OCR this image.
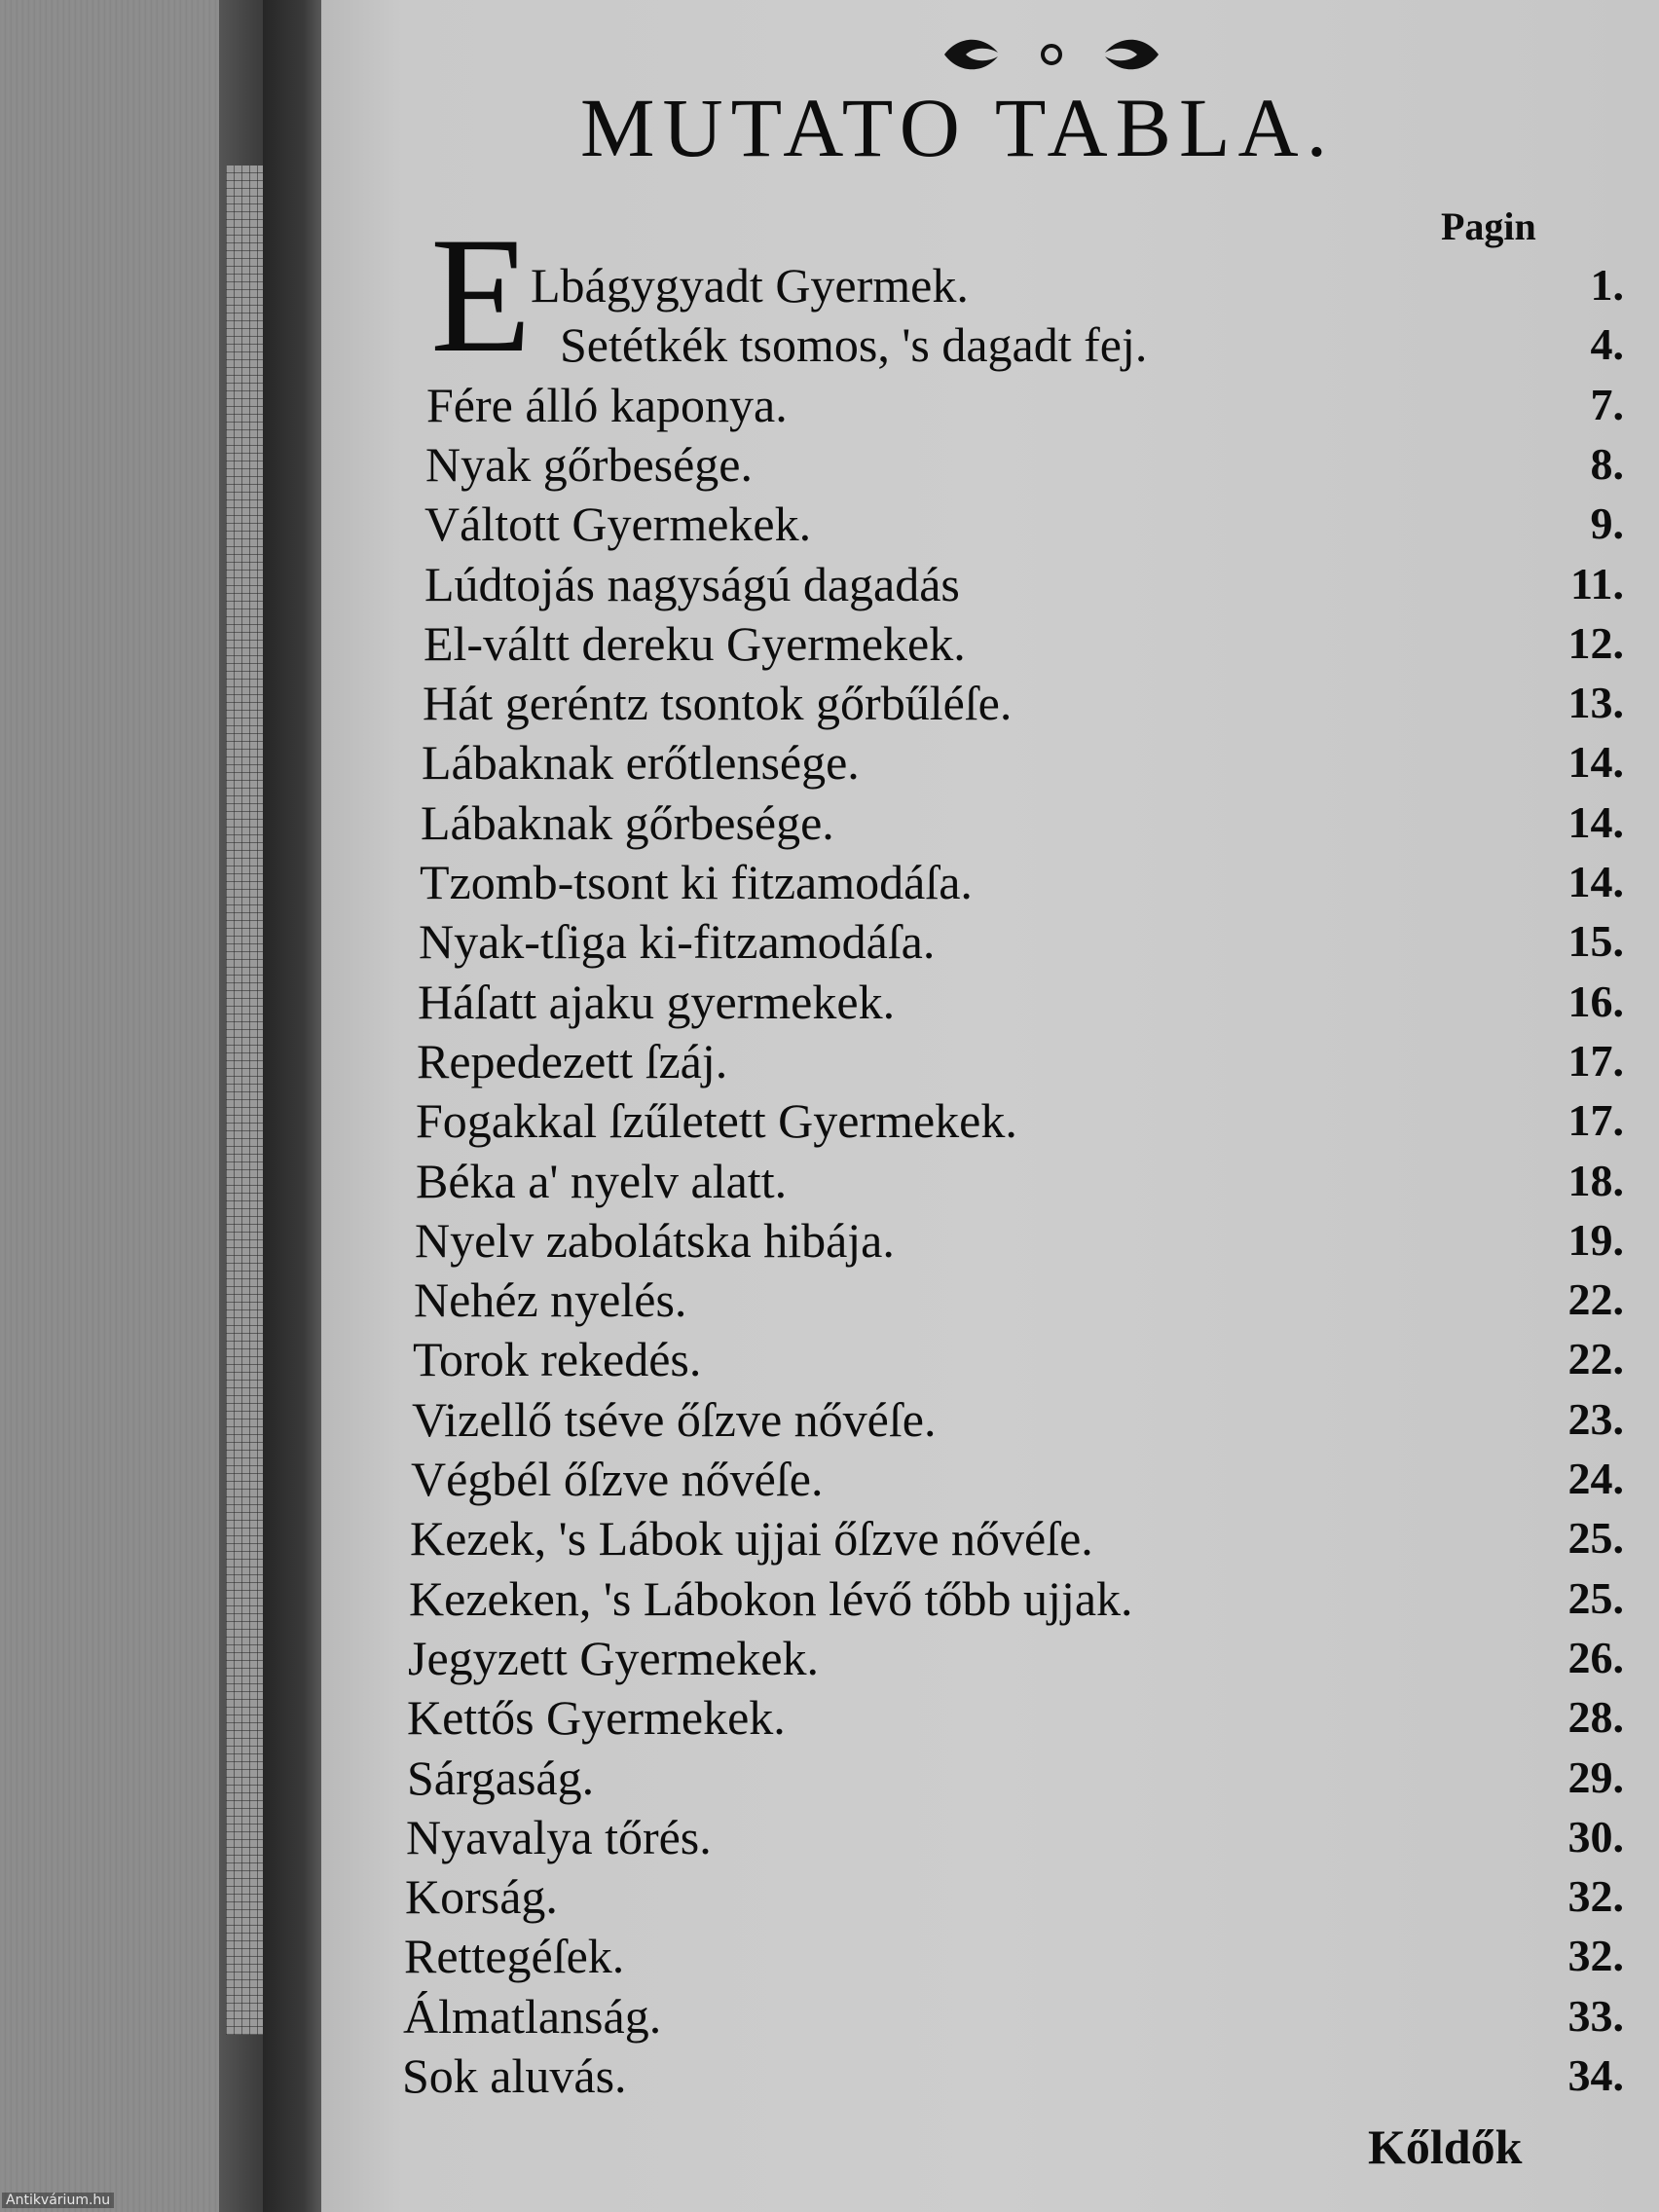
MUTATO TABLA.
Pagin
E Lbágygyadt Gyermek.	1.
Setétkék tsomos, 's dagadt fej.	4.
Fére álló kaponya.	7.
Nyak gőrbesége.	8.
Váltott Gyermekek.	9.
Lúdtojás nagyságú dagadás	11.
El-váltt dereku Gyermekek.	12.
Hát geréntz tsontok gőrbűléſe.	13.
Lábaknak erőtlensége.	14.
Lábaknak gőrbesége.	14.
Tzomb-tsont ki fitzamodáſa.	14.
Nyak-tſiga ki-fitzamodáſa.	15.
Háſatt ajaku gyermekek.	16.
Repedezett ſzáj.	17.
Fogakkal ſzűletett Gyermekek.	17.
Béka a' nyelv alatt.	18.
Nyelv zabolátska hibája.	19.
Nehéz nyelés.	22.
Torok rekedés.	22.
Vizellő tséve őſzve nővéſe.	23.
Végbél őſzve nővéſe.	24.
Kezek, 's Lábok ujjai őſzve nővéſe.	25.
Kezeken, 's Lábokon lévő tőbb ujjak.	25.
Jegyzett Gyermekek.	26.
Kettős Gyermekek.	28.
Sárgaság.	29.
Nyavalya tőrés.	30.
Korság.	32.
Rettegéſek.	32.
Álmatlanság.	33.
Sok aluvás.	34.
Kőldők
Antikvárium.hu
